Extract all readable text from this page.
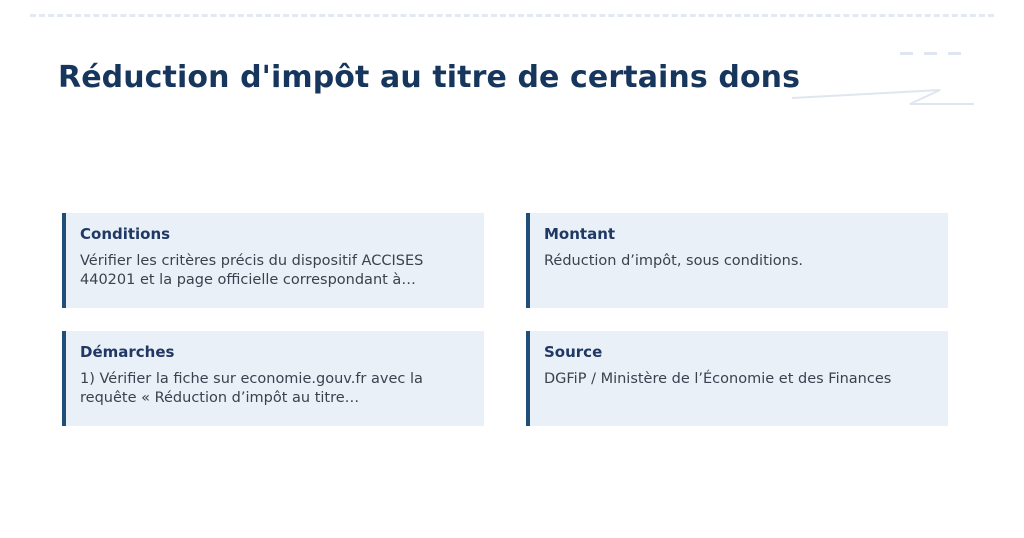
Réduction d'impôt au titre de certains dons

Conditions

Vérifier les critères précis du dispositif ACCISES 440201 et la page officielle correspondant à…

Montant

Réduction d’impôt, sous conditions.

Démarches

1) Vérifier la fiche sur economie.gouv.fr avec la requête « Réduction d’impôt au titre…

Source

DGFiP / Ministère de l’Économie et des Finances
